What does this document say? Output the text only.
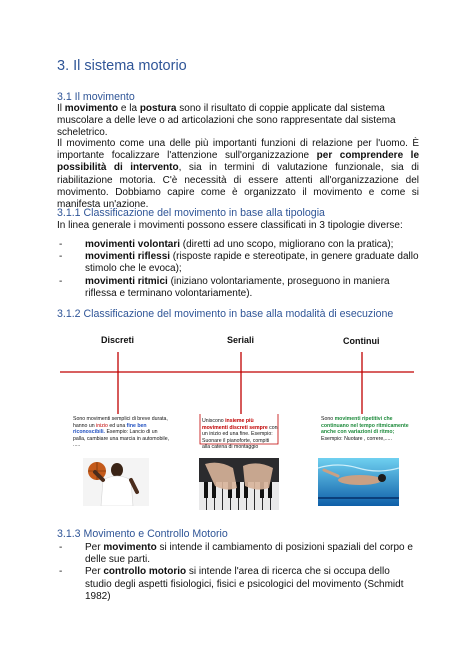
3. Il sistema motorio
3.1 Il movimento

Il movimento e la postura sono il risultato di coppie applicate dal sistema muscolare a delle leve o ad articolazioni che sono rappresentate dal sistema scheletrico.

Il movimento come una delle più importanti funzioni di relazione per l'uomo. È importante focalizzare l'attenzione sull'organizzazione per comprendere le possibilità di intervento, sia in termini di valutazione funzionale, sia di riabilitazione motoria. C'è necessità di essere attenti all'organizzazione del movimento. Dobbiamo capire come è organizzato il movimento e come si manifesta un'azione.

3.1.1 Classificazione del movimento in base alla tipologia

In linea generale i movimenti possono essere classificati in 3 tipologie diverse:

- movimenti volontari (diretti ad uno scopo, migliorano con la pratica);
- movimenti riflessi (risposte rapide e stereotipate, in genere graduate dallo stimolo che le evoca);
- movimenti ritmici (iniziano volontariamente, proseguono in maniera riflessa e terminano volontariamente).
3.1.2 Classificazione del movimento in base alla modalità di esecuzione
Discreti	Seriali	Continui
Sono movimenti semplici di breve durata, hanno un inizio ed una fine ben riconoscibili. Esempio: Lancio di un palla, cambiare una marcia in automobile, .....
Uniscono insieme più movimenti discreti sempre con un inizio ed una fine. Esempio: Suonare il pianoforte, compiti alla catena di montaggio
Sono movimenti ripetitivi che continuano nel tempo ritmicamente anche con variazioni di ritmo; Esempio: Nuotare , correre,.....
3.1.3 Movimento e Controllo Motorio
- Per movimento si intende il cambiamento di posizioni spaziali del corpo e delle sue parti.
- Per controllo motorio si intende l'area di ricerca che si occupa dello studio degli aspetti fisiologici, fisici e psicologici del movimento (Schmidt 1982)
